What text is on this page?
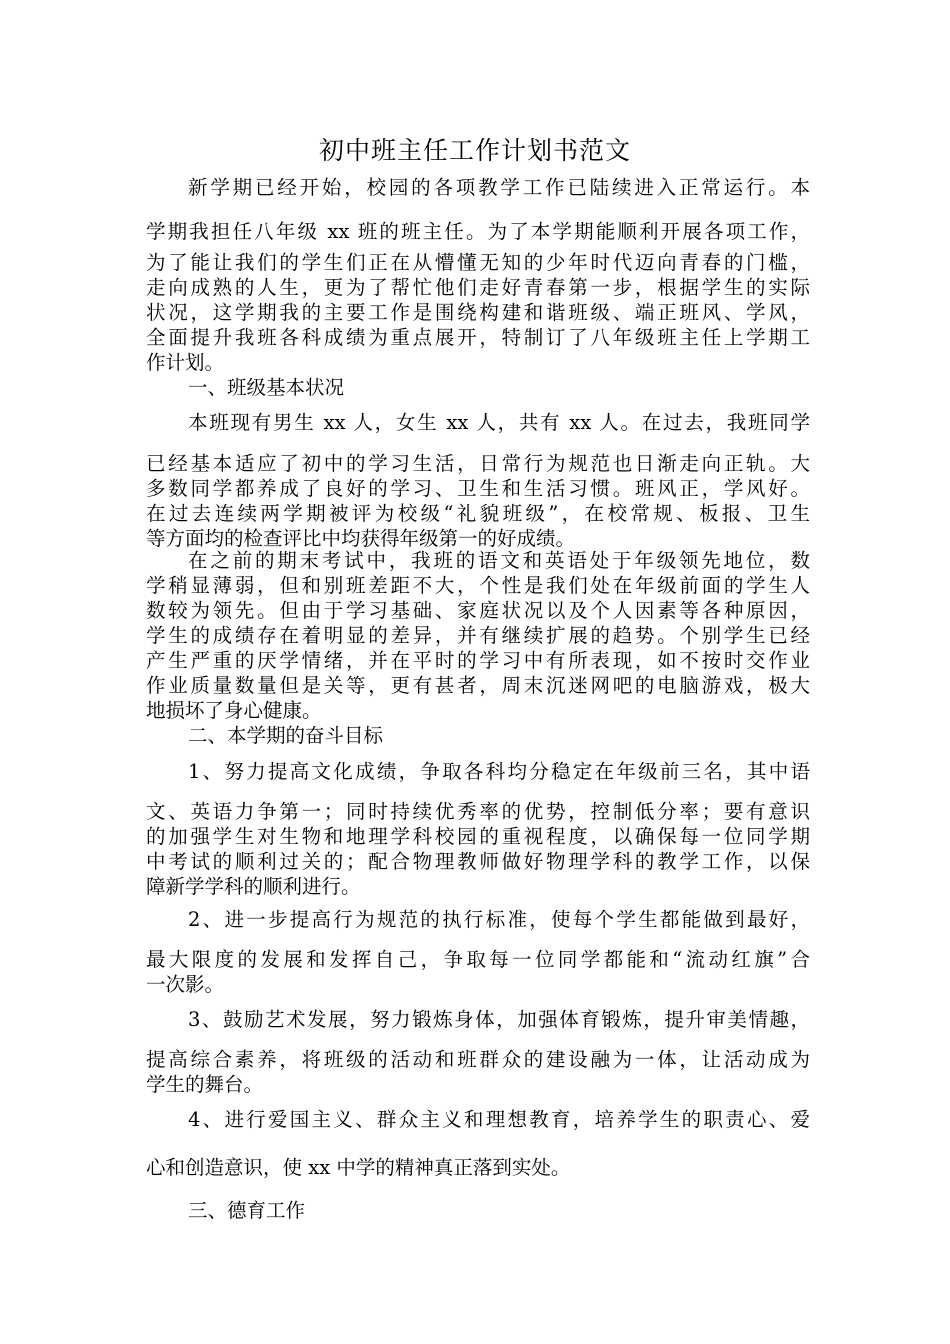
初中班主任工作计划书范文
新学期已经开始，校园的各项教学工作已陆续进入正常运行。本
学期我担任八年级 xx 班的班主任。为了本学期能顺利开展各项工作，
为了能让我们的学生们正在从懵懂无知的少年时代迈向青春的门槛，
走向成熟的人生，更为了帮忙他们走好青春第一步，根据学生的实际
状况，这学期我的主要工作是围绕构建和谐班级、端正班风、学风，
全面提升我班各科成绩为重点展开，特制订了八年级班主任上学期工
作计划。
一、班级基本状况
本班现有男生 xx 人，女生 xx 人，共有 xx 人。在过去，我班同学
已经基本适应了初中的学习生活，日常行为规范也日渐走向正轨。大
多数同学都养成了良好的学习、卫生和生活习惯。班风正，学风好。
在过去连续两学期被评为校级“礼貌班级”，在校常规、板报、卫生
等方面均的检查评比中均获得年级第一的好成绩。
在之前的期末考试中，我班的语文和英语处于年级领先地位，数
学稍显薄弱，但和别班差距不大，个性是我们处在年级前面的学生人
数较为领先。但由于学习基础、家庭状况以及个人因素等各种原因，
学生的成绩存在着明显的差异，并有继续扩展的趋势。个别学生已经
产生严重的厌学情绪，并在平时的学习中有所表现，如不按时交作业
作业质量数量但是关等，更有甚者，周末沉迷网吧的电脑游戏，极大
地损坏了身心健康。
二、本学期的奋斗目标
1、努力提高文化成绩，争取各科均分稳定在年级前三名，其中语
文、英语力争第一；同时持续优秀率的优势，控制低分率；要有意识
的加强学生对生物和地理学科校园的重视程度，以确保每一位同学期
中考试的顺利过关的；配合物理教师做好物理学科的教学工作，以保
障新学学科的顺利进行。
2、进一步提高行为规范的执行标准，使每个学生都能做到最好，
最大限度的发展和发挥自己，争取每一位同学都能和“流动红旗”合
一次影。
3、鼓励艺术发展，努力锻炼身体，加强体育锻炼，提升审美情趣，
提高综合素养，将班级的活动和班群众的建设融为一体，让活动成为
学生的舞台。
4、进行爱国主义、群众主义和理想教育，培养学生的职责心、爱
心和创造意识，使 xx 中学的精神真正落到实处。
三、德育工作
